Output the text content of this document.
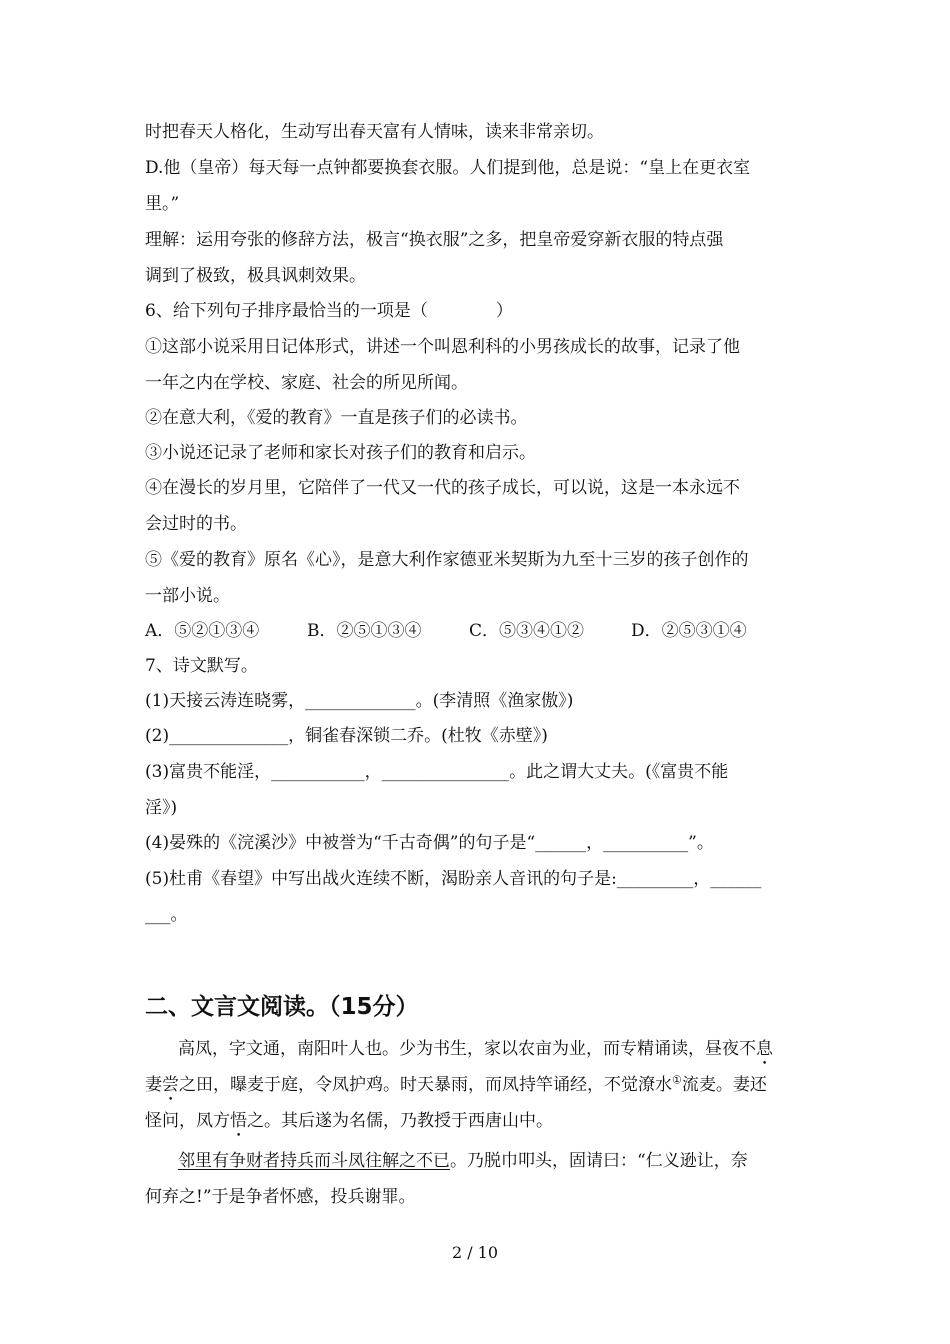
时把春天人格化，生动写出春天富有人情味，读来非常亲切。
D.他（皇帝）每天每一点钟都要换套衣服。人们提到他，总是说：“皇上在更衣室
里。”
理解：运用夸张的修辞方法，极言“换衣服”之多，把皇帝爱穿新衣服的特点强
调到了极致，极具讽刺效果。
6、给下列句子排序最恰当的一项是（　　　　）
①这部小说采用日记体形式，讲述一个叫恩利科的小男孩成长的故事，记录了他
一年之内在学校、家庭、社会的所见所闻。
②在意大利，《爱的教育》一直是孩子们的必读书。
③小说还记录了老师和家长对孩子们的教育和启示。
④在漫长的岁月里，它陪伴了一代又一代的孩子成长，可以说，这是一本永远不
会过时的书。
⑤《爱的教育》原名《心》，是意大利作家德亚米契斯为九至十三岁的孩子创作的
一部小说。
A．⑤②①③④	B．②⑤①③④	C．⑤③④①②	D．②⑤③①④
7、诗文默写。
(1)天接云涛连晓雾，_____________。(李清照《渔家傲》)
(2)______________，铜雀春深锁二乔。(杜牧《赤壁》)
(3)富贵不能淫，___________，_______________。此之谓大丈夫。(《富贵不能
淫》)
(4)晏殊的《浣溪沙》中被誉为“千古奇偶”的句子是“______，__________”。
(5)杜甫《春望》中写出战火连续不断，渴盼亲人音讯的句子是:_________，______
___。
二、文言文阅读。（15分）
高凤，字文通，南阳叶人也。少为书生，家以农亩为业，而专精诵读，昼夜不息
妻尝之田，曝麦于庭，令凤护鸡。时天暴雨，而凤持竿诵经，不觉潦水①流麦。妻还
怪问，凤方悟之。其后遂为名儒，乃教授于西唐山中。
邻里有争财者持兵而斗凤往解之不已。乃脱巾叩头，固请曰：“仁义逊让，奈
何弃之!”于是争者怀感，投兵谢罪。
2 / 10
